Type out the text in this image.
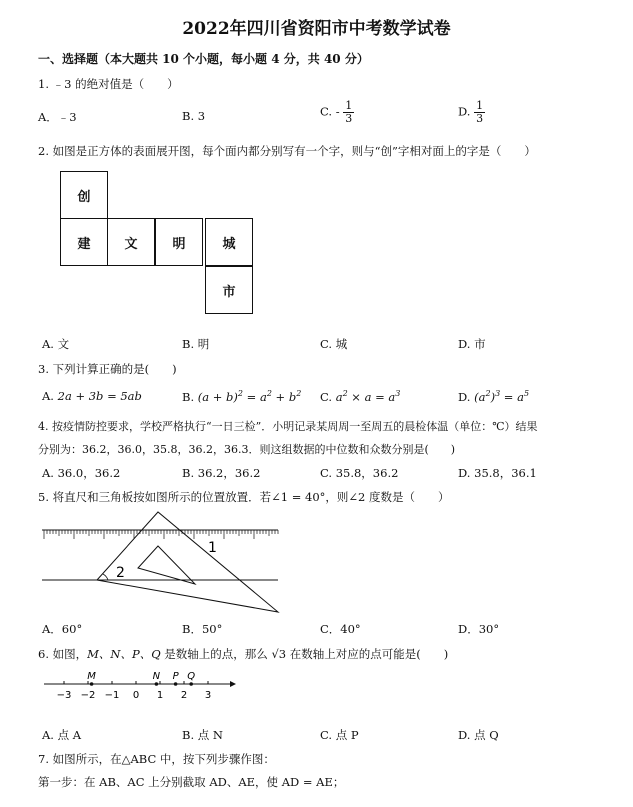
2022年四川省资阳市中考数学试卷
一、选择题（本大题共 10 个小题，每小题 4 分，共 40 分）
1. ﹣3 的绝对值是（　　）
A．﹣3	B. 3	C. - $\frac{1}{3}$	D. $\frac{1}{3}$
2. 如图是正方体的表面展开图，每个面内都分别写有一个字，则与“创”字相对面上的字是（　　）
创
建	文	明	城
市
A. 文	B. 明	C. 城	D. 市
3. 下列计算正确的是(　　)
A. 2a + 3b = 5ab	B. $(a + b)^2 = a^2 + b^2$ C. $a^2 \times a = a^3$	D. $(a^2)^3 = a^5$
4. 按疫情防控要求，学校严格执行“一日三检”．小明记录某周周一至周五的晨检体温（单位：℃）结果
分别为：36.2，36.0，35.8，36.2，36.3．则这组数据的中位数和众数分别是(　　)
A. 36.0，36.2	B. 36.2，36.2	C. 35.8，36.2	D. 35.8，36.1
5. 将直尺和三角板按如图所示的位置放置．若∠1 = 40°，则∠2 度数是（　　）
1
2
A．60°	B．50°	C．40°	D．30°
6. 如图，M、N、P、Q 是数轴上的点，那么 √3 在数轴上对应的点可能是(　　)
−3 −2 −1 0 1 2 3
M	N P Q
A. 点 A	B. 点 N	C. 点 P	D. 点 Q
7. 如图所示，在△ABC 中，按下列步骤作图：
第一步：在 AB、AC 上分别截取 AD、AE，使 AD = AE；
